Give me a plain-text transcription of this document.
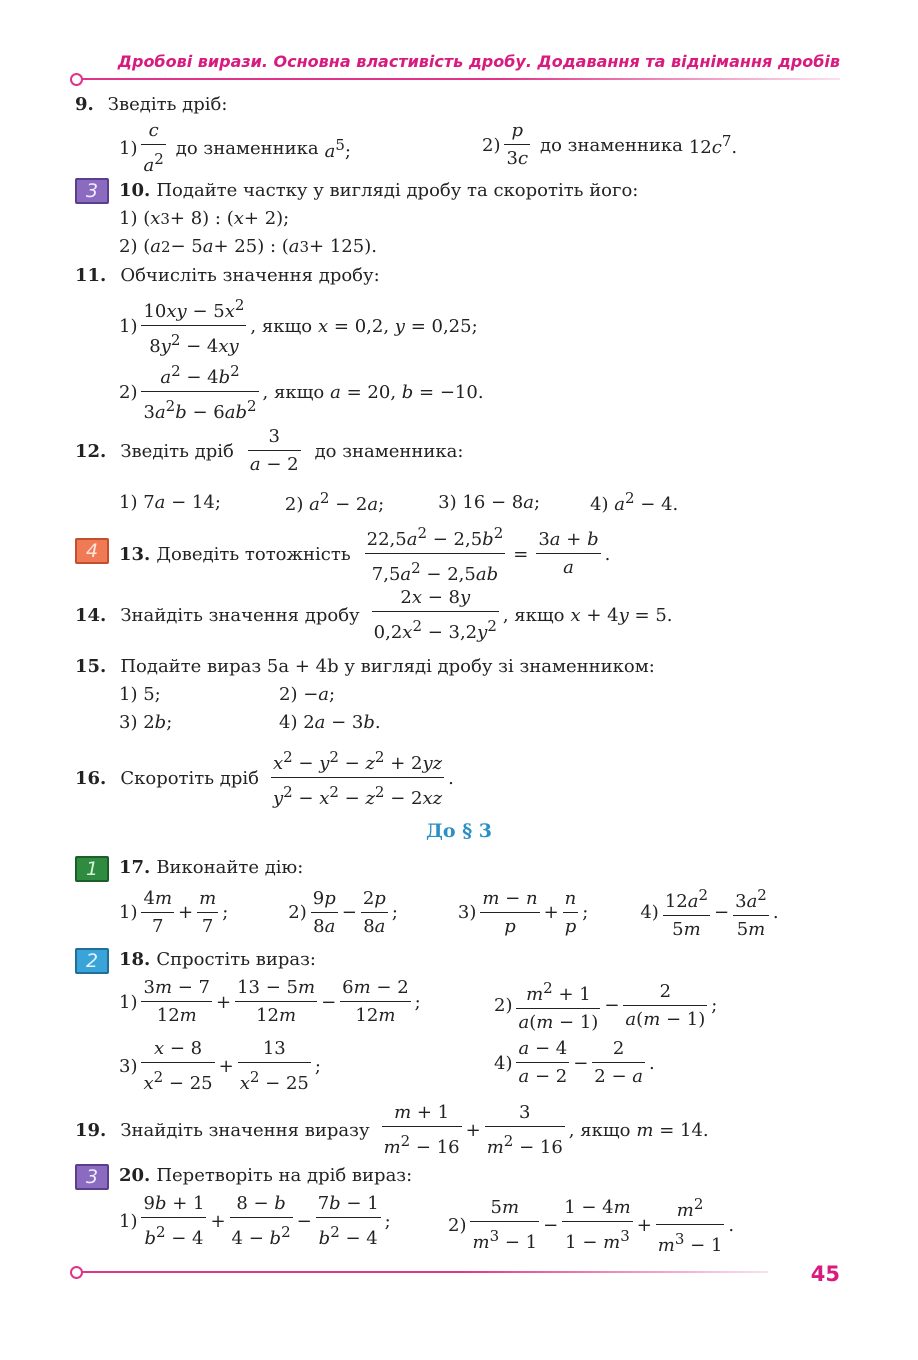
Дробові вирази. Основна властивість дробу. Додавання та віднімання дробів
9. Зведіть дріб:
1)
c
$a^2$ до знаменника $a^5$;	2)
p
3c
до знаменника $12c^7$.
3	10. Подайте частку у вигляді дробу та скоротіть його:
1) ( x 3 + 8) : ( x + 2);
2) ( a 2 − 5 a + 25) : ( a 3 + 125).
11. Обчисліть значення дробу:
1)
$10xy - 5x^2$
$8y^2 - 4xy$
, якщо x = 0,2, y = 0,25;
2)
$a^2 - 4b^2$
$3a^2b - 6ab^2$
, якщо a = 20, b = −10.
12. Зведіть дріб
3
a − 2
до знаменника:
1) 7a − 14;	2) $a^2 - 2a$;	3) 16 − 8a;	4) $a^2 - 4$.
4	13. Доведіть тотожність $\frac{22,5a^2 - 2,5b^2}{7,5a^2 - 2,5ab} = \frac{3a + b}{a}$ .
14. Знайдіть значення дробу
2x − 8y
$0,2x^2 - 3,2y^2$ , якщо x + 4y = 5.
15. Подайте вираз 5a + 4b у вигляді дробу зі знаменником:
1) 5;	2) −a;
3) 2b;	4) 2a − 3b.
16. Скоротіть дріб
$x^2 - y^2 - z^2 + 2yz$
$y^2 - x^2 - z^2 - 2xz$
.
До § 3
1	17. Виконайте дію:
1)
4m
7
+
m
7
;	2)
9p
8a
−
2p
8a
;	3)
m − n
p
+
n
p
;	4)
$12a^2$
5m
−
$3a^2$
5m
.
2	18. Спростіть вираз:
1)
3m − 7
12m
+
13 − 5m
12m
−
6m − 2
12m
;	2)
$m^2 + 1$
a(m − 1)
−
2
a(m − 1)
;
3)
x − 8
$x^2 - 25$
+
13
$x^2 - 25$
;	4)
a − 4
a − 2
−
2
2 − a
.
19. Знайдіть значення виразу
m + 1
$m^2 - 16$
+
3
$m^2 - 16$
, якщо m = 14.
3	20. Перетворіть на дріб вираз:
1)
9b + 1
$b^2 - 4$
+
8 − b
$4 - b^2$ −
7b − 1
$b^2 - 4$
;	2)
5m
$m^3 - 1$
−
1 − 4m
$1 - m^3$ +
$m^2$
$m^3 - 1$
.
45
